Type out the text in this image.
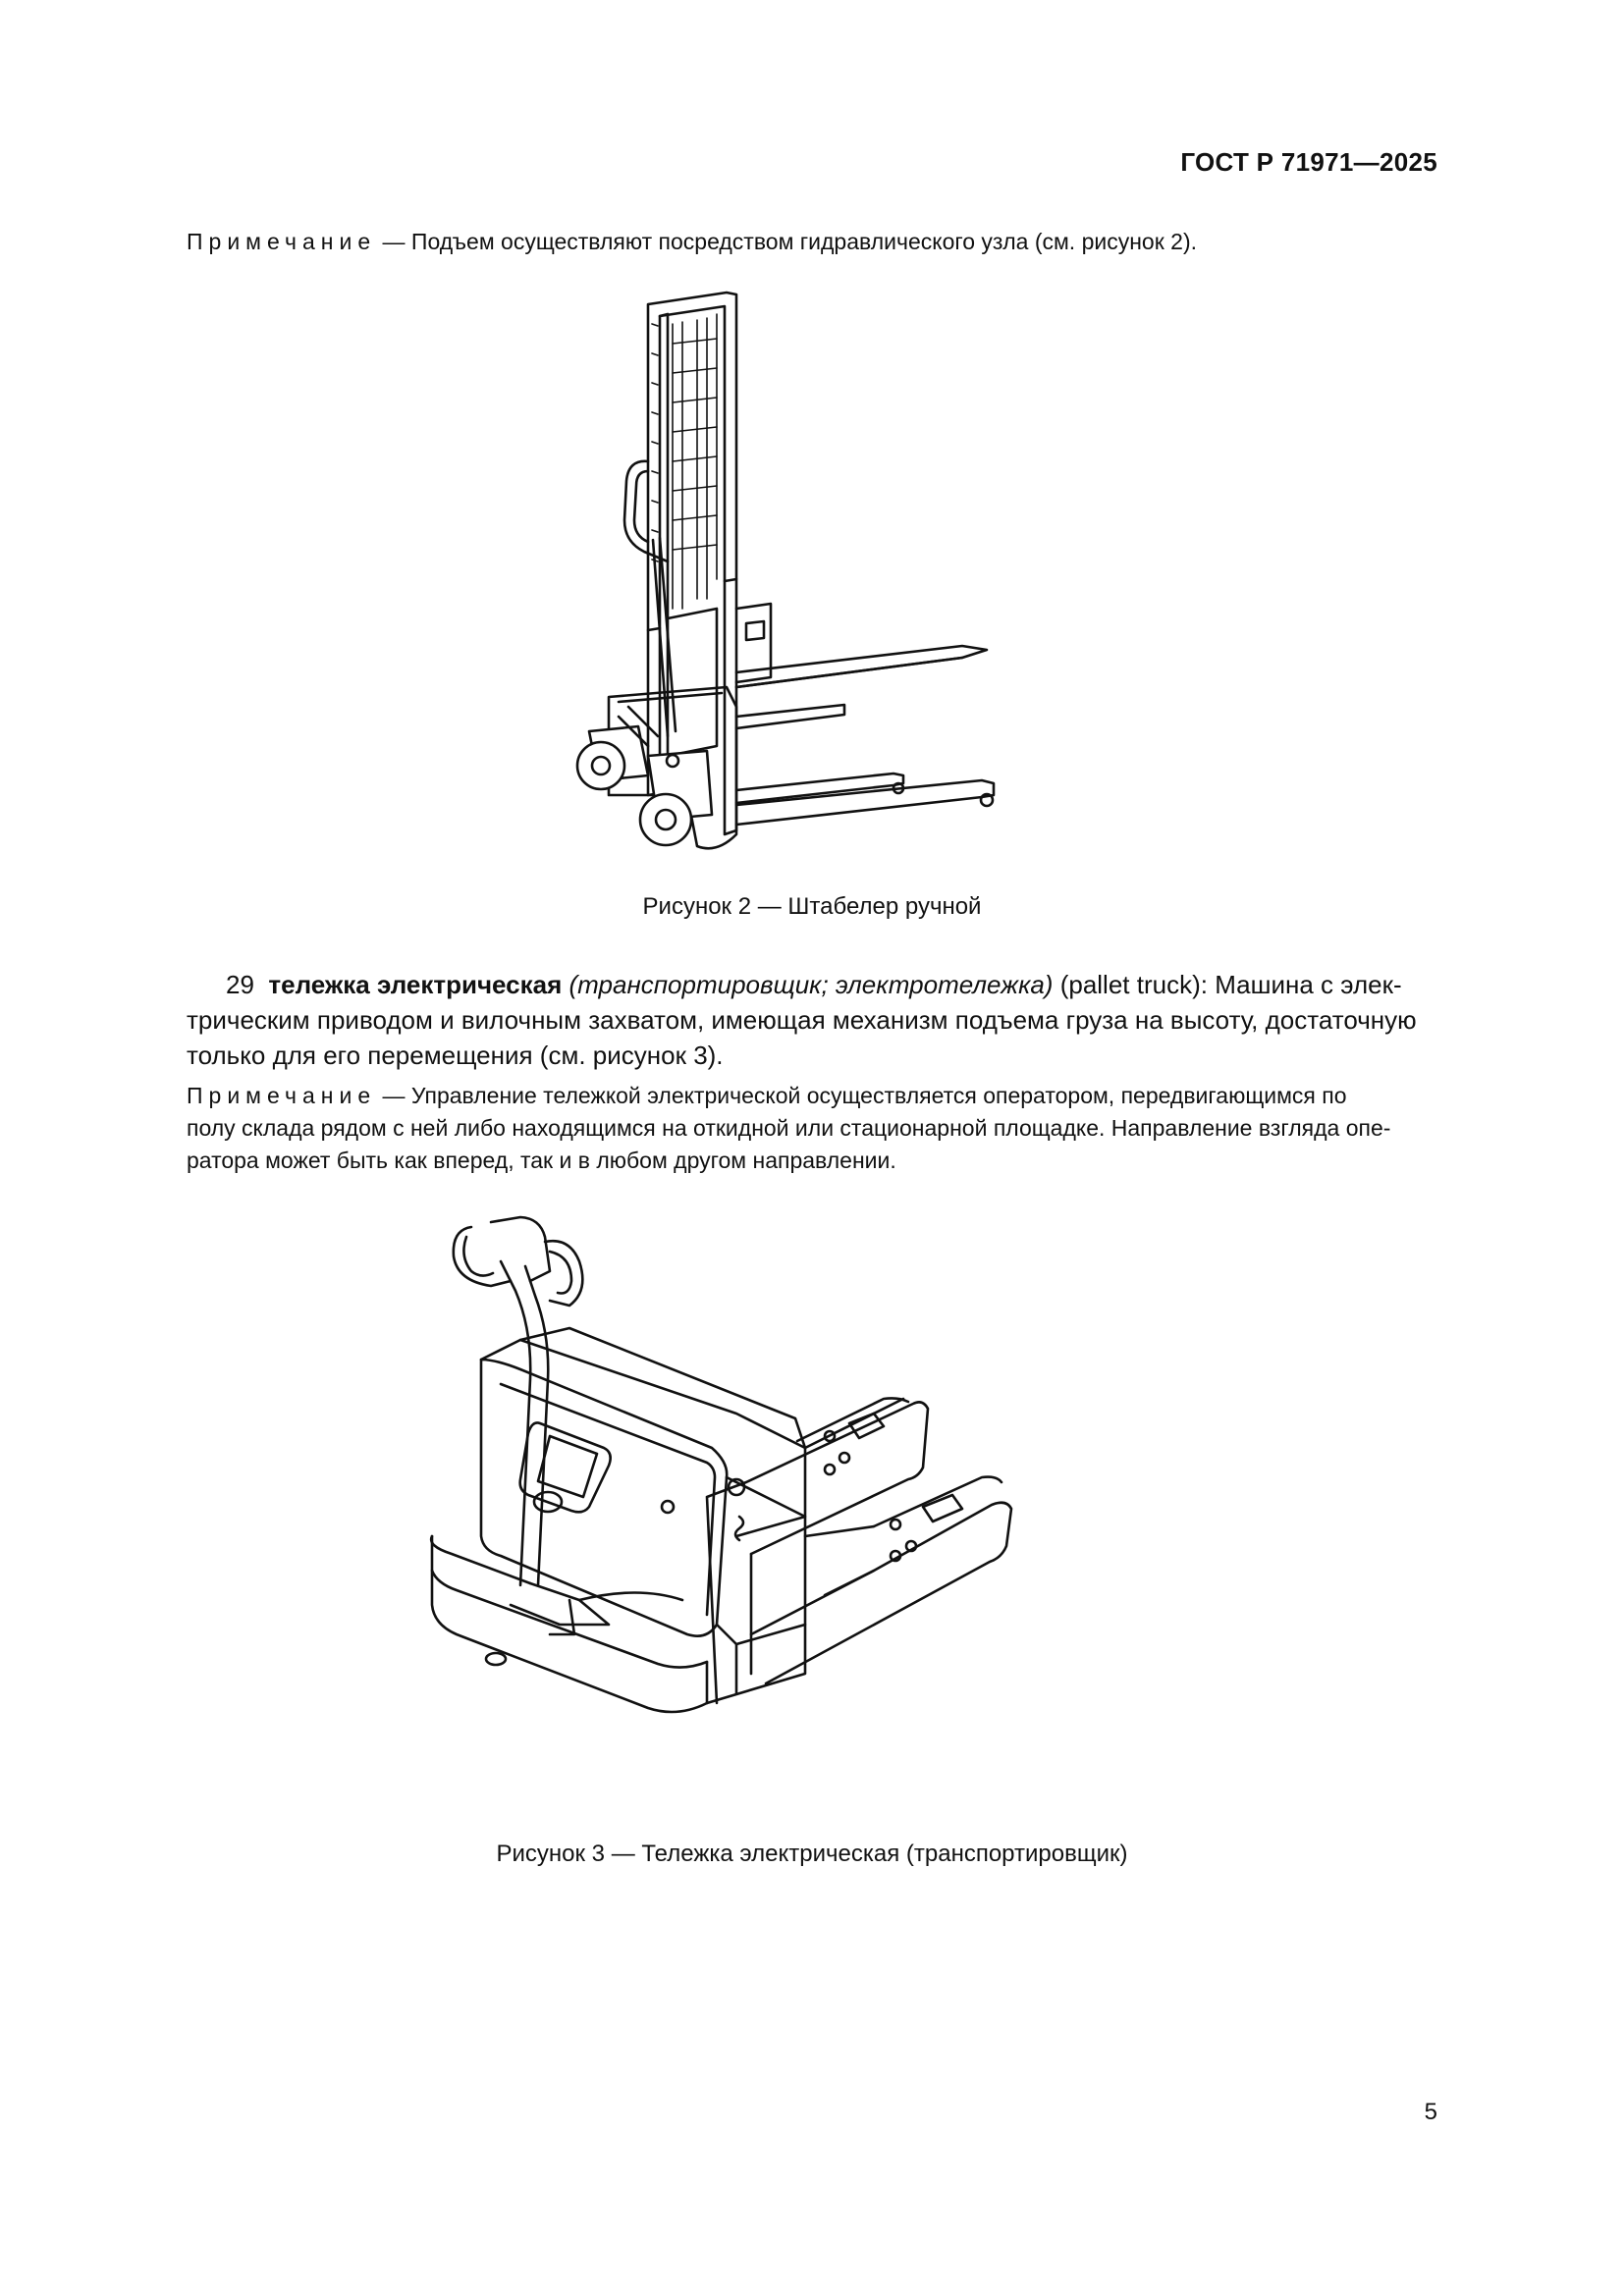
ГОСТ Р 71971—2025
Примечание — Подъем осуществляют посредством гидравлического узла (см. рисунок 2).
Рисунок 2 — Штабелер ручной
29 тележка электрическая (транспортировщик; электротележка) (pallet truck): Машина с элек-
трическим приводом и вилочным захватом, имеющая механизм подъема груза на высоту, достаточную
только для его перемещения (см. рисунок 3).
Примечание — Управление тележкой электрической осуществляется оператором, передвигающимся по
полу склада рядом с ней либо находящимся на откидной или стационарной площадке. Направление взгляда опе-
ратора может быть как вперед, так и в любом другом направлении.
Рисунок 3 — Тележка электрическая (транспортировщик)
5
